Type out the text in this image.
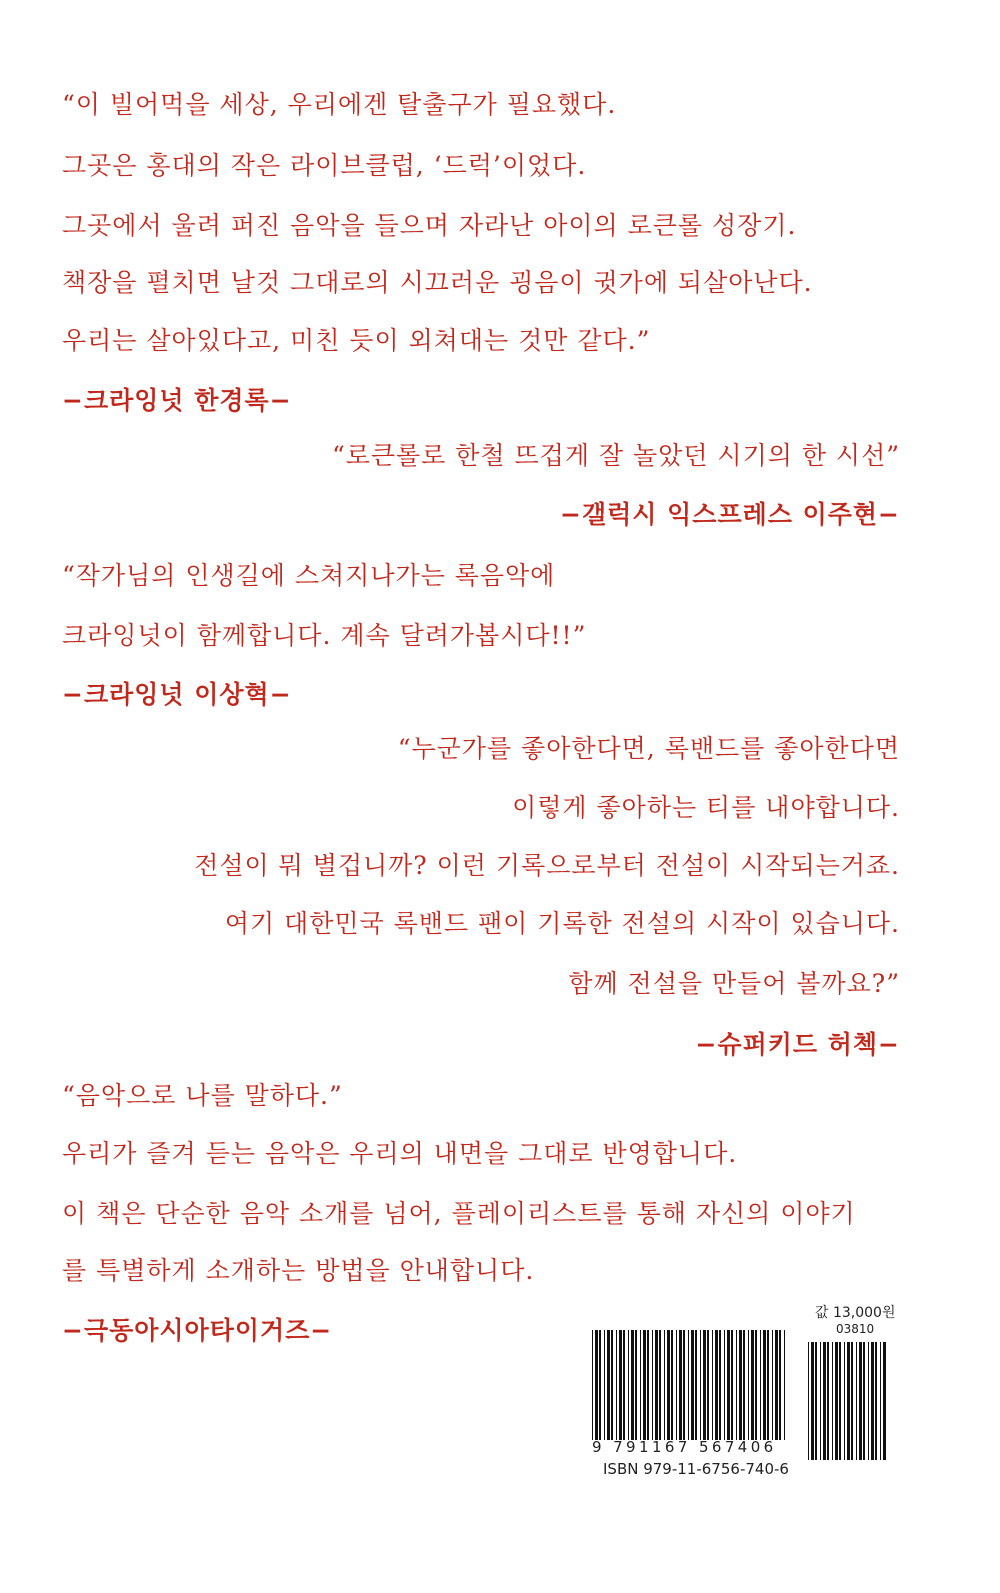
“이 빌어먹을 세상, 우리에겐 탈출구가 필요했다.
그곳은 홍대의 작은 라이브클럽, ‘드럭’이었다.
그곳에서 울려 퍼진 음악을 들으며 자라난 아이의 로큰롤 성장기.
책장을 펼치면 날것 그대로의 시끄러운 굉음이 귓가에 되살아난다.
우리는 살아있다고, 미친 듯이 외쳐대는 것만 같다.”
−크라잉넛 한경록−
“로큰롤로 한철 뜨겁게 잘 놀았던 시기의 한 시선”
−갤럭시 익스프레스 이주현−
“작가님의 인생길에 스쳐지나가는 록음악에
크라잉넛이 함께합니다. 계속 달려가봅시다!!”
−크라잉넛 이상혁−
“누군가를 좋아한다면, 록밴드를 좋아한다면
이렇게 좋아하는 티를 내야합니다.
전설이 뭐 별겁니까? 이런 기록으로부터 전설이 시작되는거죠.
여기 대한민국 록밴드 팬이 기록한 전설의 시작이 있습니다.
함께 전설을 만들어 볼까요?”
−슈퍼키드 허첵−
“음악으로 나를 말하다.”
우리가 즐겨 듣는 음악은 우리의 내면을 그대로 반영합니다.
이 책은 단순한 음악 소개를 넘어, 플레이리스트를 통해 자신의 이야기
를 특별하게 소개하는 방법을 안내합니다.
−극동아시아타이거즈−
값 13,000원
03810
9 791167 567406
ISBN 979-11-6756-740-6
